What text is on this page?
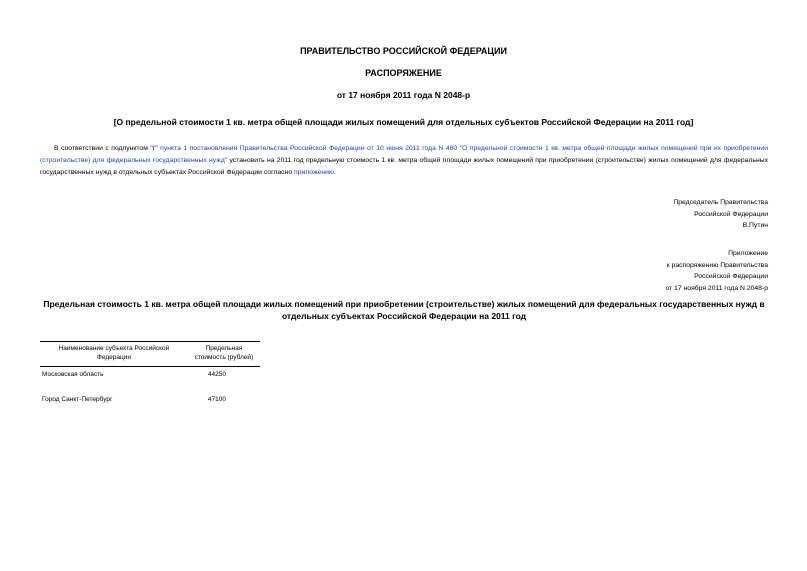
ПРАВИТЕЛЬСТВО РОССИЙСКОЙ ФЕДЕРАЦИИ
РАСПОРЯЖЕНИЕ
от 17 ноября 2011 года N 2048-р
[О предельной стоимости 1 кв. метра общей площади жилых помещений для отдельных субъектов Российской Федерации на 2011 год]
В соответствии с подпунктом "г" пункта 1 постановления Правительства Российской Федерации от 10 июня 2011 года N 460 "О предельной стоимости 1 кв. метра общей площади жилых помещений при их приобретении (строительстве) для федеральных государственных нужд" установить на 2011 год предельную стоимость 1 кв. метра общей площади жилых помещений при приобретении (строительстве) жилых помещений для федеральных государственных нужд в отдельных субъектах Российской Федерации согласно приложению.
Председатель Правительства
Российской Федерации
В.Путин
Приложение
к распоряжению Правительства
Российской Федерации
от 17 ноября 2011 года N 2048-р
Предельная стоимость 1 кв. метра общей площади жилых помещений при приобретении (строительстве) жилых помещений для федеральных государственных нужд в отдельных субъектах Российской Федерации на 2011 год
Наименование субъекта Российской Федерации	Предельная стоимость (рублей)
Московская область	44250
Город Санкт-Петербург	47100
